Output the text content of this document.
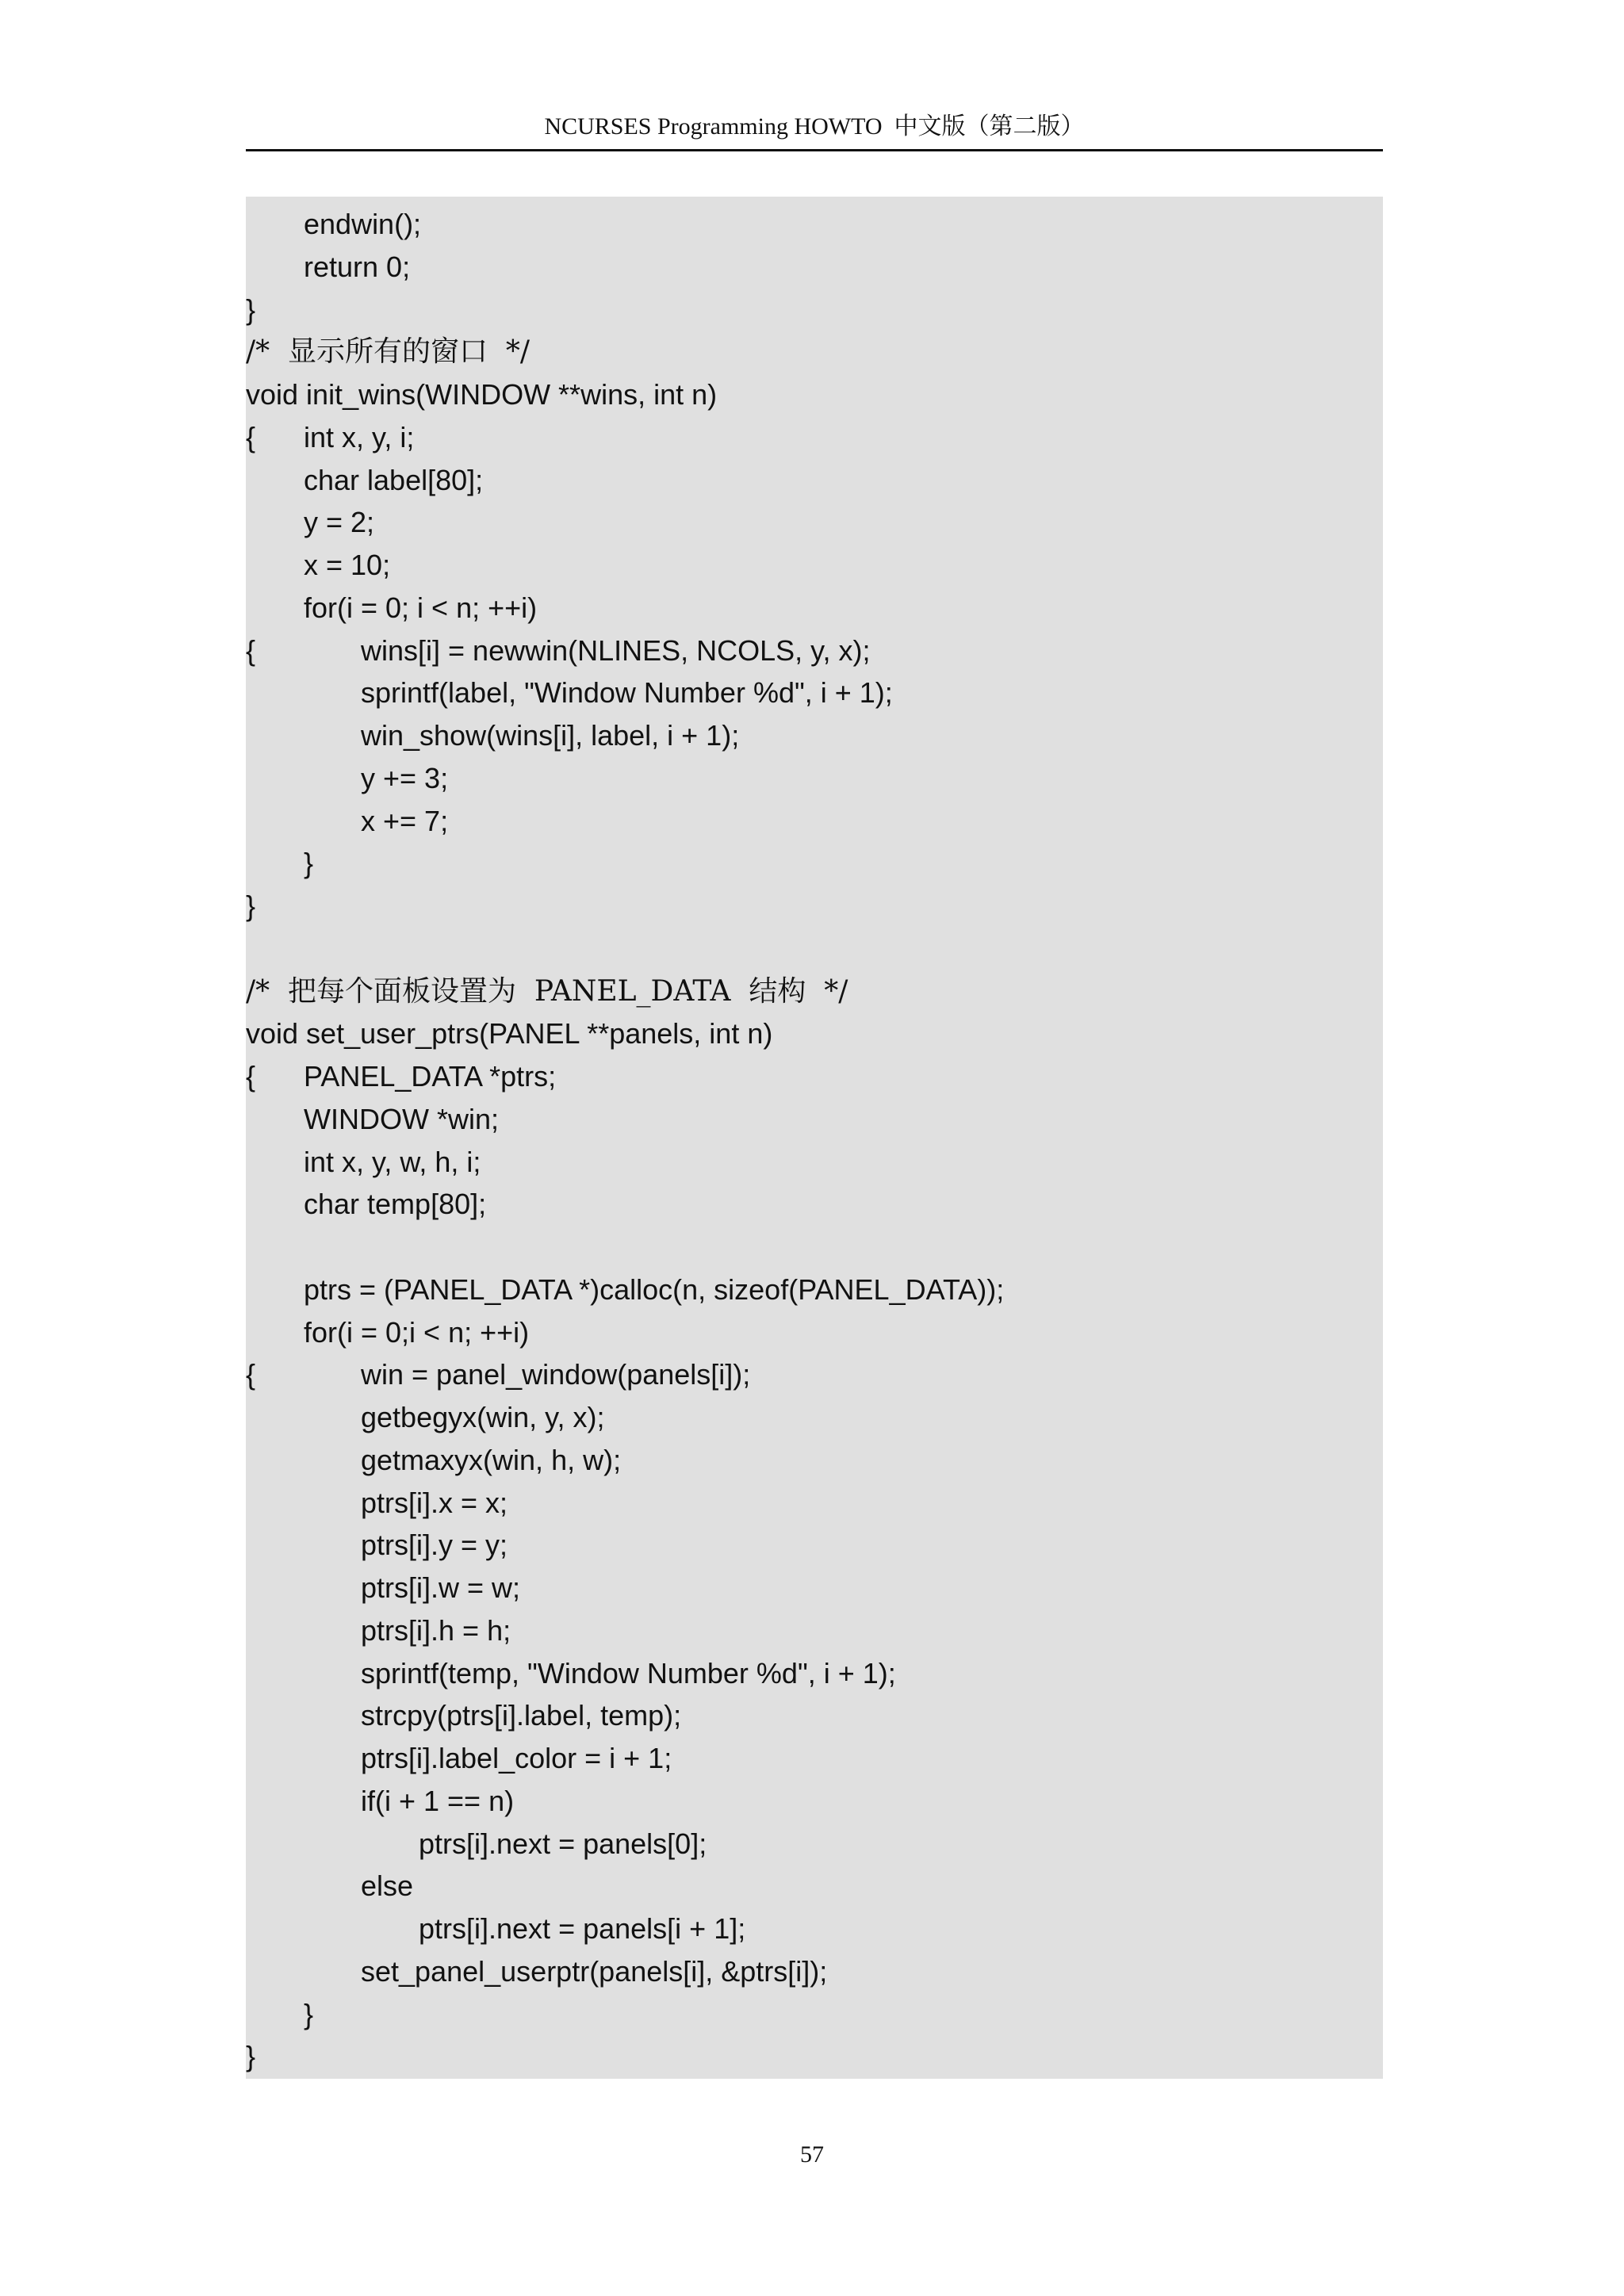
NCURSES Programming HOWTO  中文版（第二版）
endwin();
return 0;
}
/*  显示所有的窗口  */
void init_wins(WINDOW **wins, int n)
{ int x, y, i;
char label[80];
y = 2;
x = 10;
for(i = 0; i < n; ++i)
{	wins[i] = newwin(NLINES, NCOLS, y, x);
sprintf(label, "Window Number %d", i + 1);
win_show(wins[i], label, i + 1);
y += 3;
x += 7;
}
}
/*  把每个面板设置为  PANEL_DATA  结构  */
void set_user_ptrs(PANEL **panels, int n)
{ PANEL_DATA *ptrs;
WINDOW *win;
int x, y, w, h, i;
char temp[80];
ptrs = (PANEL_DATA *)calloc(n, sizeof(PANEL_DATA));
for(i = 0;i < n; ++i)
{	win = panel_window(panels[i]);
getbegyx(win, y, x);
getmaxyx(win, h, w);
ptrs[i].x = x;
ptrs[i].y = y;
ptrs[i].w = w;
ptrs[i].h = h;
sprintf(temp, "Window Number %d", i + 1);
strcpy(ptrs[i].label, temp);
ptrs[i].label_color = i + 1;
if(i + 1 == n)
ptrs[i].next = panels[0];
else
ptrs[i].next = panels[i + 1];
set_panel_userptr(panels[i], &ptrs[i]);
}
}
57
